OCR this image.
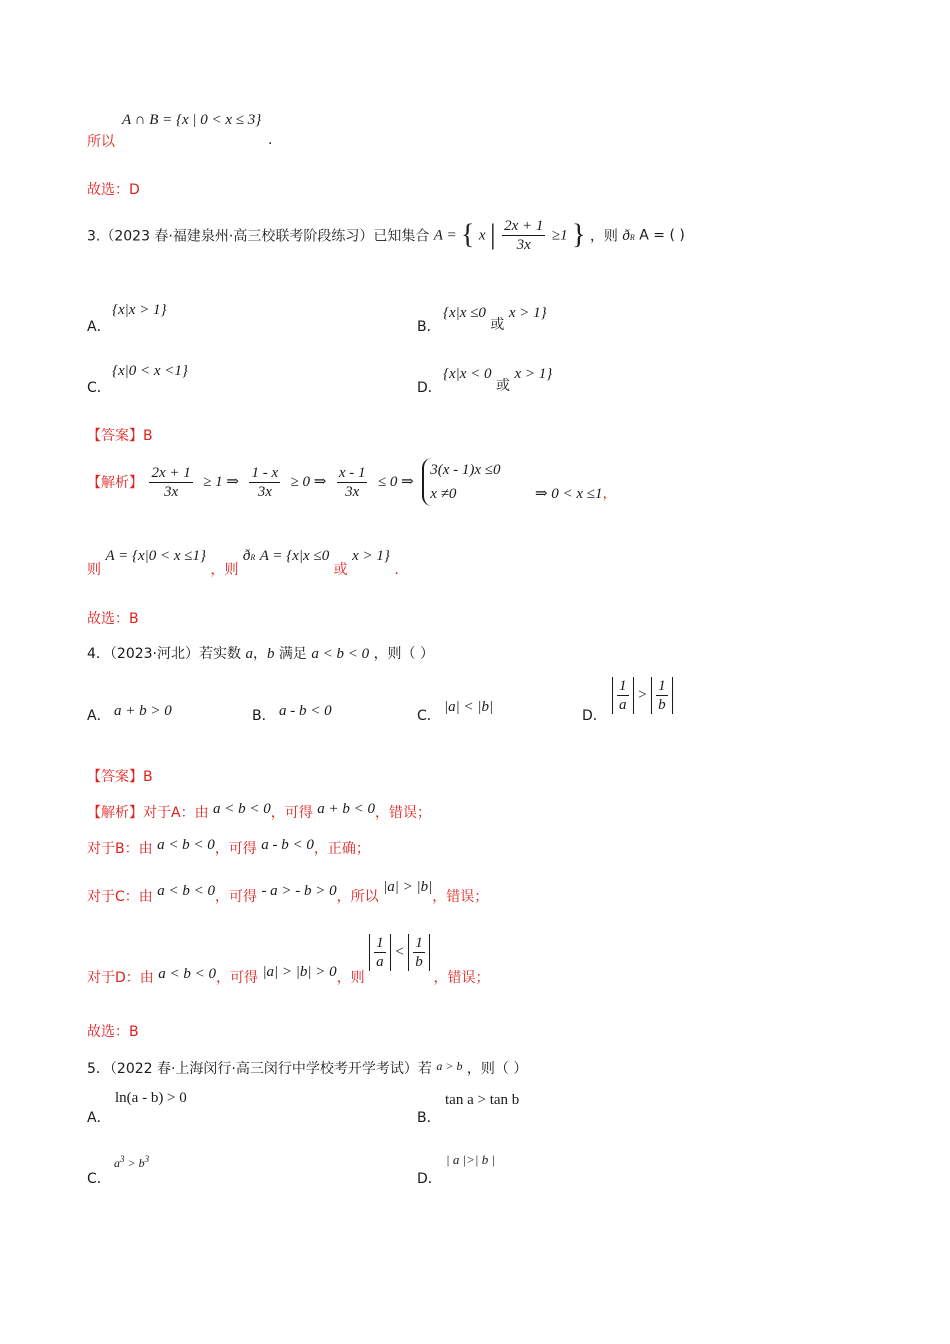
A ∩ B = {x | 0 < x ≤ 3}
所以	.
故选：D
3.（2023 春·福建泉州·高三校联考阶段练习）已知集合 A = { x | $\frac{2x + 1}{3x} \ge 1$ } ，则 ðR A = ( )
A．
{x|x > 1}
B．
{x|x ≤0 或 x > 1}
C．
{x|0 < x <1}
D．
{x|x < 0 或 x > 1}
【答案】B
【解析】 $\frac{2x + 1}{3x} \ge 1$ ⇒ $\frac{1 - x}{3x} \ge 0$ ⇒ $\frac{x - 1}{3x} \le 0$ ⇒
3(x - 1)x ≤0
x ≠0	⇒ 0 < x ≤1，
则 A = {x|0 < x ≤1} ，则 ðR A = {x|x ≤0 或 x > 1} .
故选：B
4．（2023·河北）若实数 a，b 满足 a < b < 0 ，则（ ）
A． a + b > 0	B． a - b < 0	C．
|a| < |b|
D．
$\frac{1}{a} > \frac{1}{b}$
【答案】B
【解析】对于A：由 a < b < 0，可得 a + b < 0，错误；
对于B：由 a < b < 0，可得 a - b < 0，正确；
对于C：由 a < b < 0，可得 - a > - b > 0，所以 |a| > |b|，错误；
对于D：由 a < b < 0，可得 |a| > |b| > 0，则
$\frac{1}{a} < \frac{1}{b}$
，错误；
故选：B
5．（2022 春·上海闵行·高三闵行中学校考开学考试）若 a > b ，则（ ）
A．
ln(a - b) > 0
B．
tan a > tan b
C．
$a^3 > b^3$
D．
| a |>| b |
